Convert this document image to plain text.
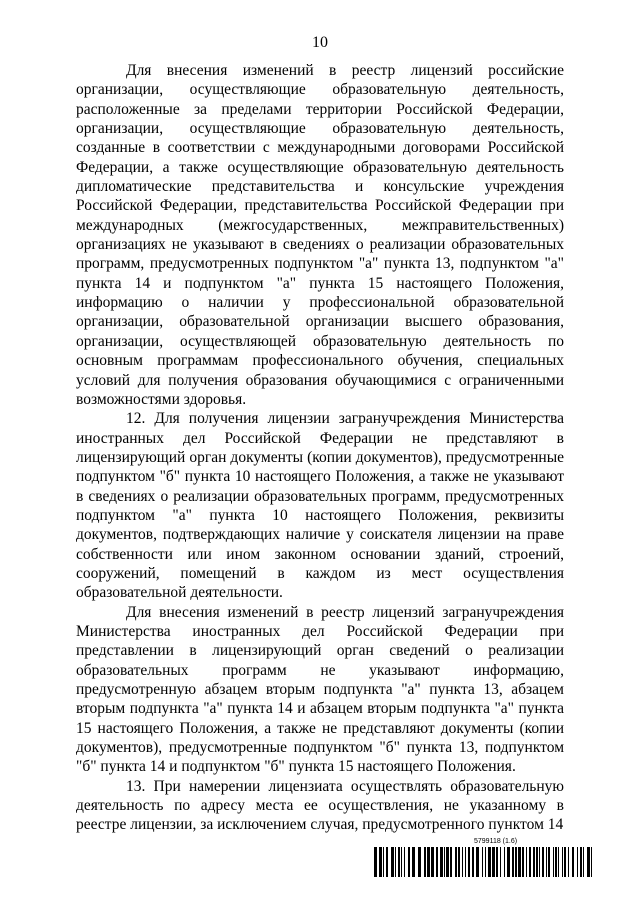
10

Для внесения изменений в реестр лицензий российские организации, осуществляющие образовательную деятельность, расположенные за пределами территории Российской Федерации, организации, осуществляющие образовательную деятельность, созданные в соответствии с международными договорами Российской Федерации, а также осуществляющие образовательную деятельность дипломатические представительства и консульские учреждения Российской Федерации, представительства Российской Федерации при международных (межгосударственных, межправительственных) организациях не указывают в сведениях о реализации образовательных программ, предусмотренных подпунктом "а" пункта 13, подпунктом "а" пункта 14 и подпунктом "а" пункта 15 настоящего Положения, информацию о наличии у профессиональной образовательной организации, образовательной организации высшего образования, организации, осуществляющей образовательную деятельность по основным программам профессионального обучения, специальных условий для получения образования обучающимися с ограниченными возможностями здоровья.

12. Для получения лицензии загранучреждения Министерства иностранных дел Российской Федерации не представляют в лицензирующий орган документы (копии документов), предусмотренные подпунктом "б" пункта 10 настоящего Положения, а также не указывают в сведениях о реализации образовательных программ, предусмотренных подпунктом "а" пункта 10 настоящего Положения, реквизиты документов, подтверждающих наличие у соискателя лицензии на праве собственности или ином законном основании зданий, строений, сооружений, помещений в каждом из мест осуществления образовательной деятельности.

Для внесения изменений в реестр лицензий загранучреждения Министерства иностранных дел Российской Федерации при представлении в лицензирующий орган сведений о реализации образовательных программ не указывают информацию, предусмотренную абзацем вторым подпункта "а" пункта 13, абзацем вторым подпункта "а" пункта 14 и абзацем вторым подпункта "а" пункта 15 настоящего Положения, а также не представляют документы (копии документов), предусмотренные подпунктом "б" пункта 13, подпунктом "б" пункта 14 и подпунктом "б" пункта 15 настоящего Положения.

13. При намерении лицензиата осуществлять образовательную деятельность по адресу места ее осуществления, не указанному в реестре лицензии, за исключением случая, предусмотренного пунктом 14

5799118 (1.6)
